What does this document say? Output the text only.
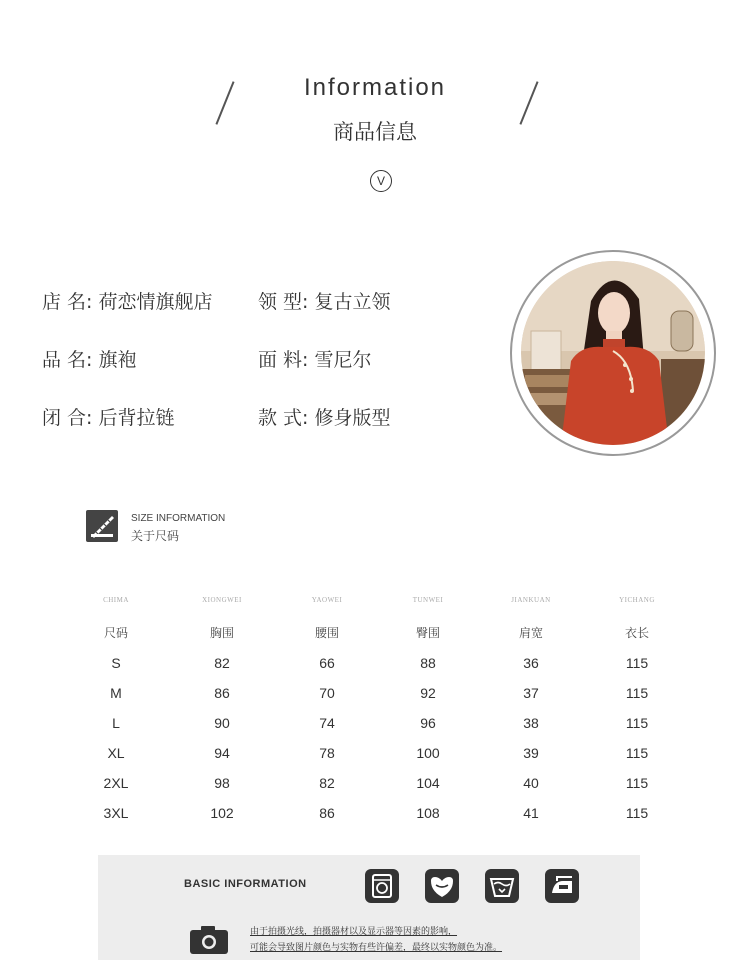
Information
商品信息
V
店 名: 荷恋情旗舰店 领 型: 复古立领
品 名: 旗袍	面 料: 雪尼尔
闭 合: 后背拉链	款 式: 修身版型
SIZE INFORMATION
关于尺码
CHIMA	XIONGWEI	YAOWEI	TUNWEI	JIANKUAN	YICHANG
尺码	胸围	腰围	臀围	肩宽	衣长
S	82	66	88	36	115
M	86	70	92	37	115
L	90	74	96	38	115
XL	94	78	100	39	115
2XL	98	82	104	40	115
3XL	102	86	108	41	115
BASIC INFORMATION
由于拍摄光线，拍摄器材以及显示器等因素的影响，
可能会导致图片颜色与实物有些许偏差，最终以实物颜色为准。
